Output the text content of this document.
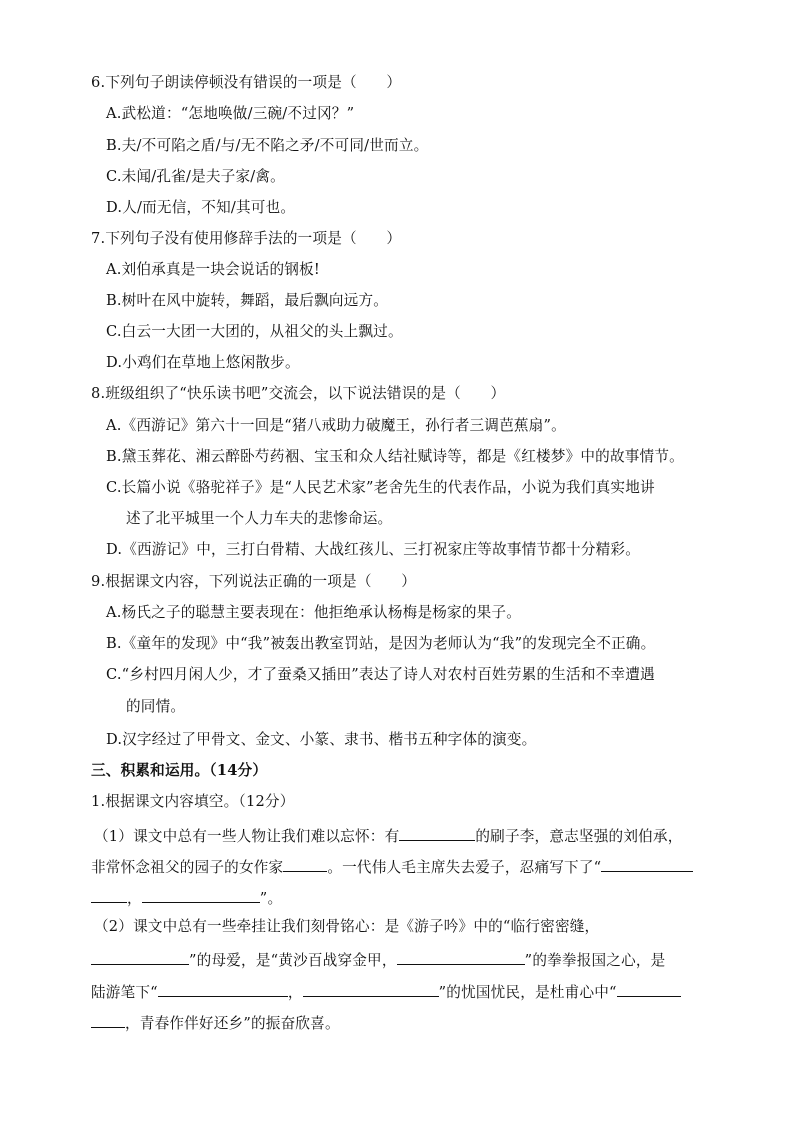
6.下列句子朗读停顿没有错误的一项是（　　）
A.武松道：“怎地唤做/三碗/不过冈？”
B.夫/不可陷之盾/与/无不陷之矛/不可同/世而立。
C.未闻/孔雀/是夫子家/禽。
D.人/而无信，不知/其可也。
7.下列句子没有使用修辞手法的一项是（　　）
A.刘伯承真是一块会说话的钢板!
B.树叶在风中旋转，舞蹈，最后飘向远方。
C.白云一大团一大团的，从祖父的头上飘过。
D.小鸡们在草地上悠闲散步。
8.班级组织了“快乐读书吧”交流会，以下说法错误的是（　　）
A.《西游记》第六十一回是“猪八戒助力破魔王，孙行者三调芭蕉扇”。
B.黛玉葬花、湘云醉卧芍药裀、宝玉和众人结社赋诗等，都是《红楼梦》中的故事情节。
C.长篇小说《骆驼祥子》是“人民艺术家”老舍先生的代表作品，小说为我们真实地讲
述了北平城里一个人力车夫的悲惨命运。
D.《西游记》中，三打白骨精、大战红孩儿、三打祝家庄等故事情节都十分精彩。
9.根据课文内容，下列说法正确的一项是（　　）
A.杨氏之子的聪慧主要表现在：他拒绝承认杨梅是杨家的果子。
B.《童年的发现》中“我”被轰出教室罚站，是因为老师认为“我”的发现完全不正确。
C.“乡村四月闲人少，才了蚕桑又插田”表达了诗人对农村百姓劳累的生活和不幸遭遇
的同情。
D.汉字经过了甲骨文、金文、小篆、隶书、楷书五种字体的演变。
三、积累和运用。（14分）
1.根据课文内容填空。（12分）
（1）课文中总有一些人物让我们难以忘怀：有	的刷子李，意志坚强的刘伯承，
非常怀念祖父的园子的女作家	。一代伟人毛主席失去爱子，忍痛写下了“
，	”。
（2）课文中总有一些牵挂让我们刻骨铭心：是《游子吟》中的“临行密密缝，
”的母爱，是“黄沙百战穿金甲，	”的拳拳报国之心，是
陆游笔下“	，	”的忧国忧民，是杜甫心中“
，青春作伴好还乡”的振奋欣喜。
